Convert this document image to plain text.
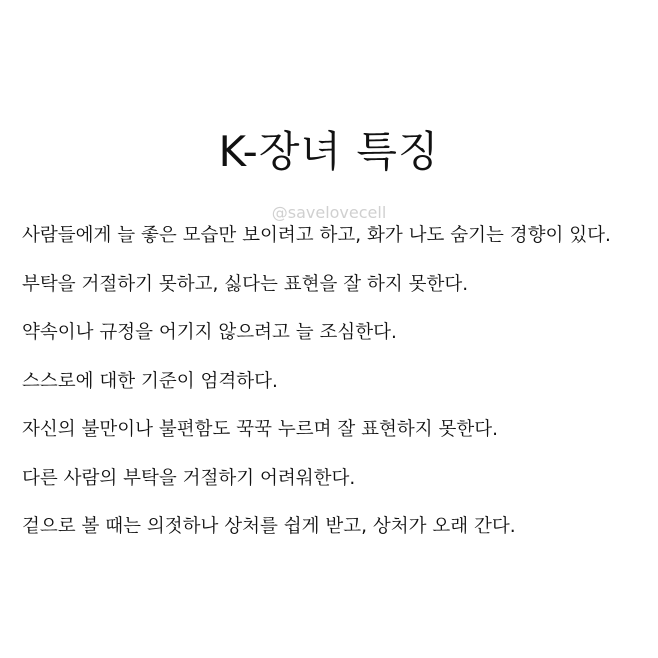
K-장녀 특징
@savelovecell
사람들에게 늘 좋은 모습만 보이려고 하고, 화가 나도 숨기는 경향이 있다.
부탁을 거절하기 못하고, 싫다는 표현을 잘 하지 못한다.
약속이나 규정을 어기지 않으려고 늘 조심한다.
스스로에 대한 기준이 엄격하다.
자신의 불만이나 불편함도 꾹꾹 누르며 잘 표현하지 못한다.
다른 사람의 부탁을 거절하기 어려워한다.
겉으로 볼 때는 의젓하나 상처를 쉽게 받고, 상처가 오래 간다.
